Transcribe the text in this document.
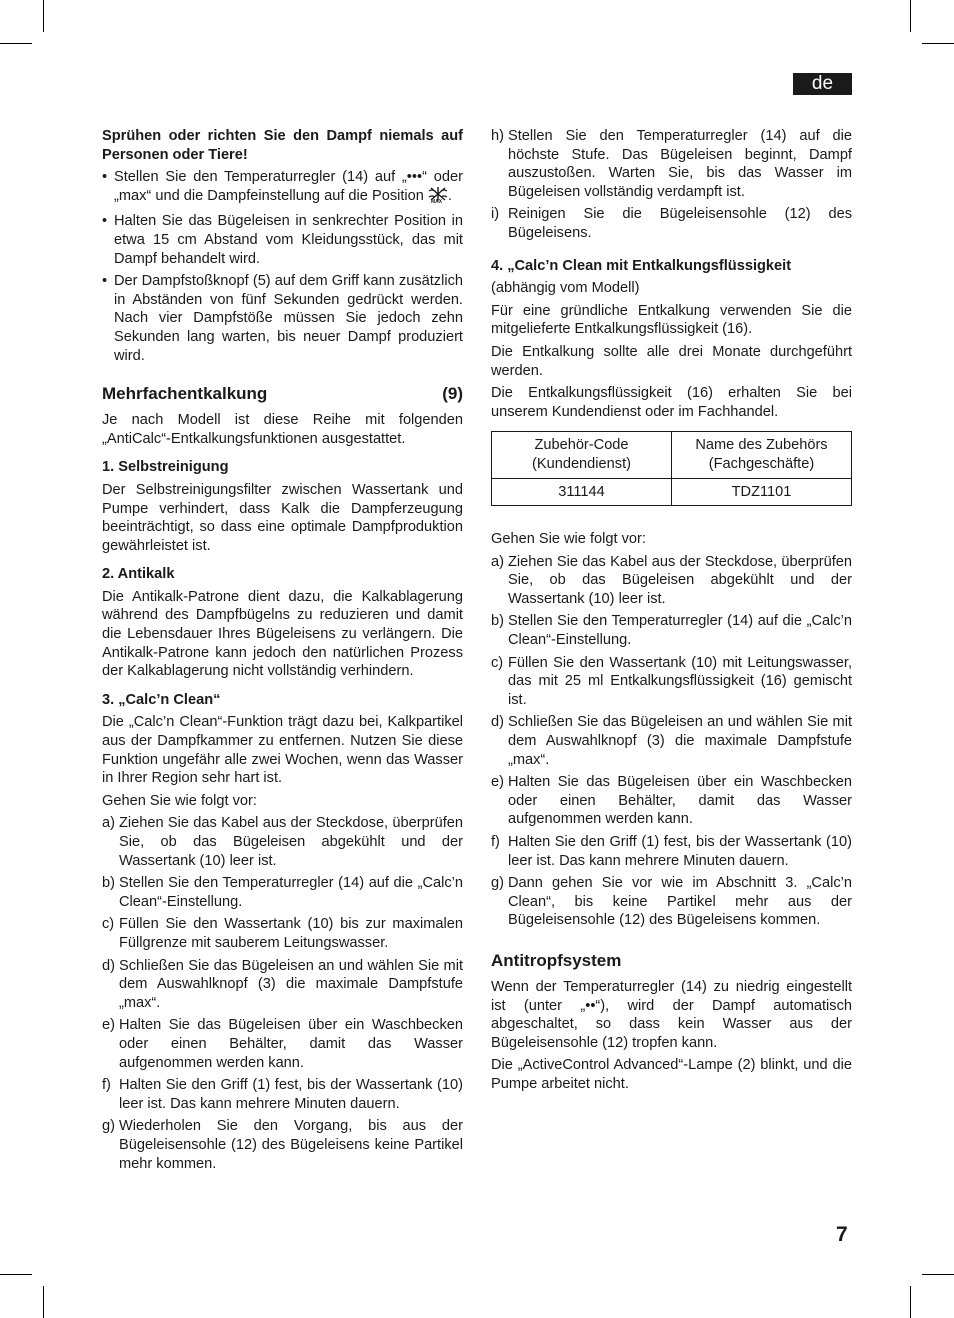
de

Sprühen oder richten Sie den Dampf niemals auf Personen oder Tiere!

• Stellen Sie den Temperaturregler (14) auf „•••“ oder „max“ und die Dampfeinstellung auf die Position MAX .
• Halten Sie das Bügeleisen in senkrechter Position in etwa 15 cm Abstand vom Kleidungsstück, das mit Dampf behandelt wird.
• Der Dampfstoßknopf (5) auf dem Griff kann zusätzlich in Abständen von fünf Sekunden gedrückt werden. Nach vier Dampfstöße müssen Sie jedoch zehn Sekunden lang warten, bis neuer Dampf produziert wird.
Mehrfachentkalkung	(9)

Je nach Modell ist diese Reihe mit folgenden „AntiCalc“-Entkalkungsfunktionen ausgestattet.

1. Selbstreinigung

Der Selbstreinigungsfilter zwischen Wassertank und Pumpe verhindert, dass Kalk die Dampferzeugung beeinträchtigt, so dass eine optimale Dampfproduktion gewährleistet ist.

2. Antikalk

Die Antikalk-Patrone dient dazu, die Kalkablagerung während des Dampfbügelns zu reduzieren und damit die Lebensdauer Ihres Bügeleisens zu verlängern. Die Antikalk-Patrone kann jedoch den natürlichen Prozess der Kalkablagerung nicht vollständig verhindern.

3. „Calc’n Clean“

Die „Calc’n Clean“-Funktion trägt dazu bei, Kalkpartikel aus der Dampfkammer zu entfernen. Nutzen Sie diese Funktion ungefähr alle zwei Wochen, wenn das Wasser in Ihrer Region sehr hart ist.

Gehen Sie wie folgt vor:

a) Ziehen Sie das Kabel aus der Steckdose, überprüfen Sie, ob das Bügeleisen abgekühlt und der Wassertank (10) leer ist.
b) Stellen Sie den Temperaturregler (14) auf die „Calc’n Clean“-Einstellung.
c) Füllen Sie den Wassertank (10) bis zur maximalen Füllgrenze mit sauberem Leitungswasser.
d) Schließen Sie das Bügeleisen an und wählen Sie mit dem Auswahlknopf (3) die maximale Dampfstufe „max“.
e) Halten Sie das Bügeleisen über ein Waschbecken oder einen Behälter, damit das Wasser aufgenommen werden kann.
f) Halten Sie den Griff (1) fest, bis der Wassertank (10) leer ist. Das kann mehrere Minuten dauern.
g) Wiederholen Sie den Vorgang, bis aus der Bügeleisensohle (12) des Bügeleisens keine Partikel mehr kommen.
h) Stellen Sie den Temperaturregler (14) auf die höchste Stufe. Das Bügeleisen beginnt, Dampf auszustoßen. Warten Sie, bis das Wasser im Bügeleisen vollständig verdampft ist.
i) Reinigen Sie die Bügeleisensohle (12) des Bügeleisens.
4. „Calc’n Clean mit Entkalkungsflüssigkeit

(abhängig vom Modell)

Für eine gründliche Entkalkung verwenden Sie die mitgelieferte Entkalkungsflüssigkeit (16).

Die Entkalkung sollte alle drei Monate durchgeführt werden.

Die Entkalkungsflüssigkeit (16) erhalten Sie bei unserem Kundendienst oder im Fachhandel.

Zubehör-Code (Kundendienst)	Name des Zubehörs (Fachgeschäfte)
311144	TDZ1101

Gehen Sie wie folgt vor:

a) Ziehen Sie das Kabel aus der Steckdose, überprüfen Sie, ob das Bügeleisen abgekühlt und der Wassertank (10) leer ist.
b) Stellen Sie den Temperaturregler (14) auf die „Calc’n Clean“-Einstellung.
c) Füllen Sie den Wassertank (10) mit Leitungswasser, das mit 25 ml Entkalkungsflüssigkeit (16) gemischt ist.
d) Schließen Sie das Bügeleisen an und wählen Sie mit dem Auswahlknopf (3) die maximale Dampfstufe „max“.
e) Halten Sie das Bügeleisen über ein Waschbecken oder einen Behälter, damit das Wasser aufgenommen werden kann.
f) Halten Sie den Griff (1) fest, bis der Wassertank (10) leer ist. Das kann mehrere Minuten dauern.
g) Dann gehen Sie vor wie im Abschnitt 3. „Calc’n Clean“, bis keine Partikel mehr aus der Bügeleisensohle (12) des Bügeleisens kommen.
Antitropfsystem

Wenn der Temperaturregler (14) zu niedrig eingestellt ist (unter „••“), wird der Dampf automatisch abgeschaltet, so dass kein Wasser aus der Bügeleisensohle (12) tropfen kann.

Die „ActiveControl Advanced“-Lampe (2) blinkt, und die Pumpe arbeitet nicht.

7
